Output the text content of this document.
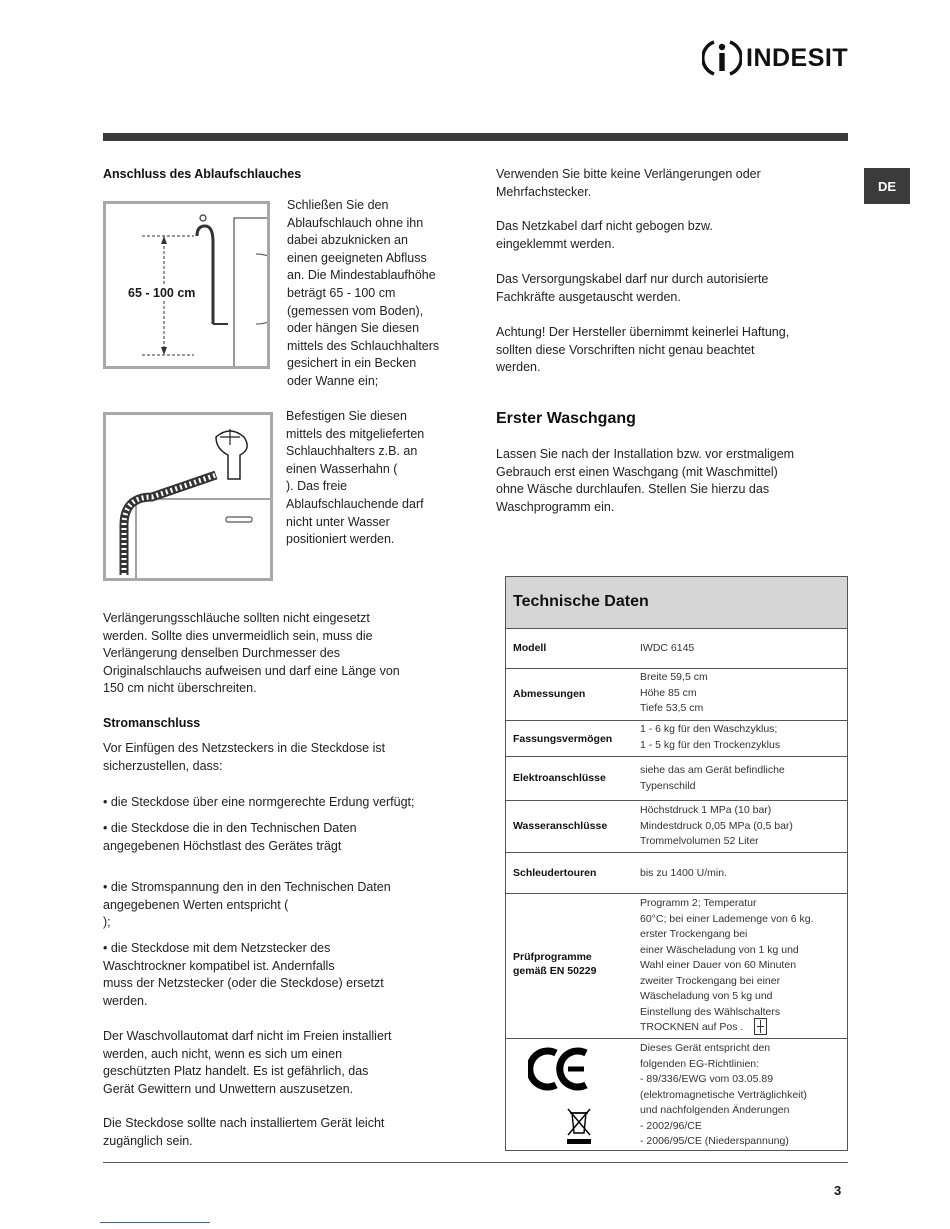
INDESIT
DE
Anschluss des Ablaufschlauches
65 - 100 cm

Schließen Sie den
Ablaufschlauch ohne ihn
dabei abzuknicken an
einen geeigneten Abfluss
an. Die Mindestablaufhöhe
beträgt 65 - 100 cm
(gemessen vom Boden),
oder hängen Sie diesen
mittels des Schlauchhalters
gesichert in ein Becken
oder Wanne ein;

Befestigen Sie diesen
mittels des mitgelieferten
Schlauchhalters z.B. an
einen Wasserhahn (
). Das freie
Ablaufschlauchende darf
nicht unter Wasser
positioniert werden.

Verlängerungsschläuche sollten nicht eingesetzt
werden. Sollte dies unvermeidlich sein, muss die
Verlängerung denselben Durchmesser des
Originalschlauchs aufweisen und darf eine Länge von
150 cm nicht überschreiten.

Stromanschluss

Vor Einfügen des Netzsteckers in die Steckdose ist
sicherzustellen, dass:

• die Steckdose über eine normgerechte Erdung verfügt;

• die Steckdose die in den Technischen Daten
angegebenen Höchstlast des Gerätes trägt

• die Stromspannung den in den Technischen Daten
angegebenen Werten entspricht (
);

• die Steckdose mit dem Netzstecker des
Waschtrockner kompatibel ist. Andernfalls
muss der Netzstecker (oder die Steckdose) ersetzt
werden.

Der Waschvollautomat darf nicht im Freien installiert
werden, auch nicht, wenn es sich um einen
geschützten Platz handelt. Es ist gefährlich, das
Gerät Gewittern und Unwettern auszusetzen.

Die Steckdose sollte nach installiertem Gerät leicht
zugänglich sein.

Verwenden Sie bitte keine Verlängerungen oder
Mehrfachstecker.

Das Netzkabel darf nicht gebogen bzw.
eingeklemmt werden.

Das Versorgungskabel darf nur durch autorisierte
Fachkräfte ausgetauscht werden.

Achtung! Der Hersteller übernimmt keinerlei Haftung,
sollten diese Vorschriften nicht genau beachtet
werden.

Erster Waschgang

Lassen Sie nach der Installation bzw. vor erstmaligem
Gebrauch erst einen Waschgang (mit Waschmittel)
ohne Wäsche durchlaufen. Stellen Sie hierzu das
Waschprogramm ein.

Technische Daten
Modell	IWDC 6145
Abmessungen
Breite 59,5 cm
Höhe 85 cm
Tiefe 53,5 cm
Fassungsvermögen
1 - 6 kg für den Waschzyklus;
1 - 5 kg für den Trockenzyklus
Elektroanschlüsse
siehe das am Gerät befindliche
Typenschild
Wasseranschlüsse
Höchstdruck 1 MPa (10 bar)
Mindestdruck 0,05 MPa (0,5 bar)
Trommelvolumen 52 Liter
Schleudertouren	bis zu 1400 U/min.
Prüfprogramme
gemäß EN 50229
Programm 2; Temperatur
60°C; bei einer Lademenge von 6 kg.
erster Trockengang bei
einer Wäscheladung von 1 kg und
Wahl einer Dauer von 60 Minuten
zweiter Trockengang bei einer
Wäscheladung von 5 kg und
Einstellung des Wählschalters
TROCKNEN auf Pos .
Dieses Gerät entspricht den
folgenden EG-Richtlinien:
- 89/336/EWG vom 03.05.89
(elektromagnetische Verträglichkeit)
und nachfolgenden Änderungen
- 2002/96/CE
- 2006/95/CE (Niederspannung)
3
